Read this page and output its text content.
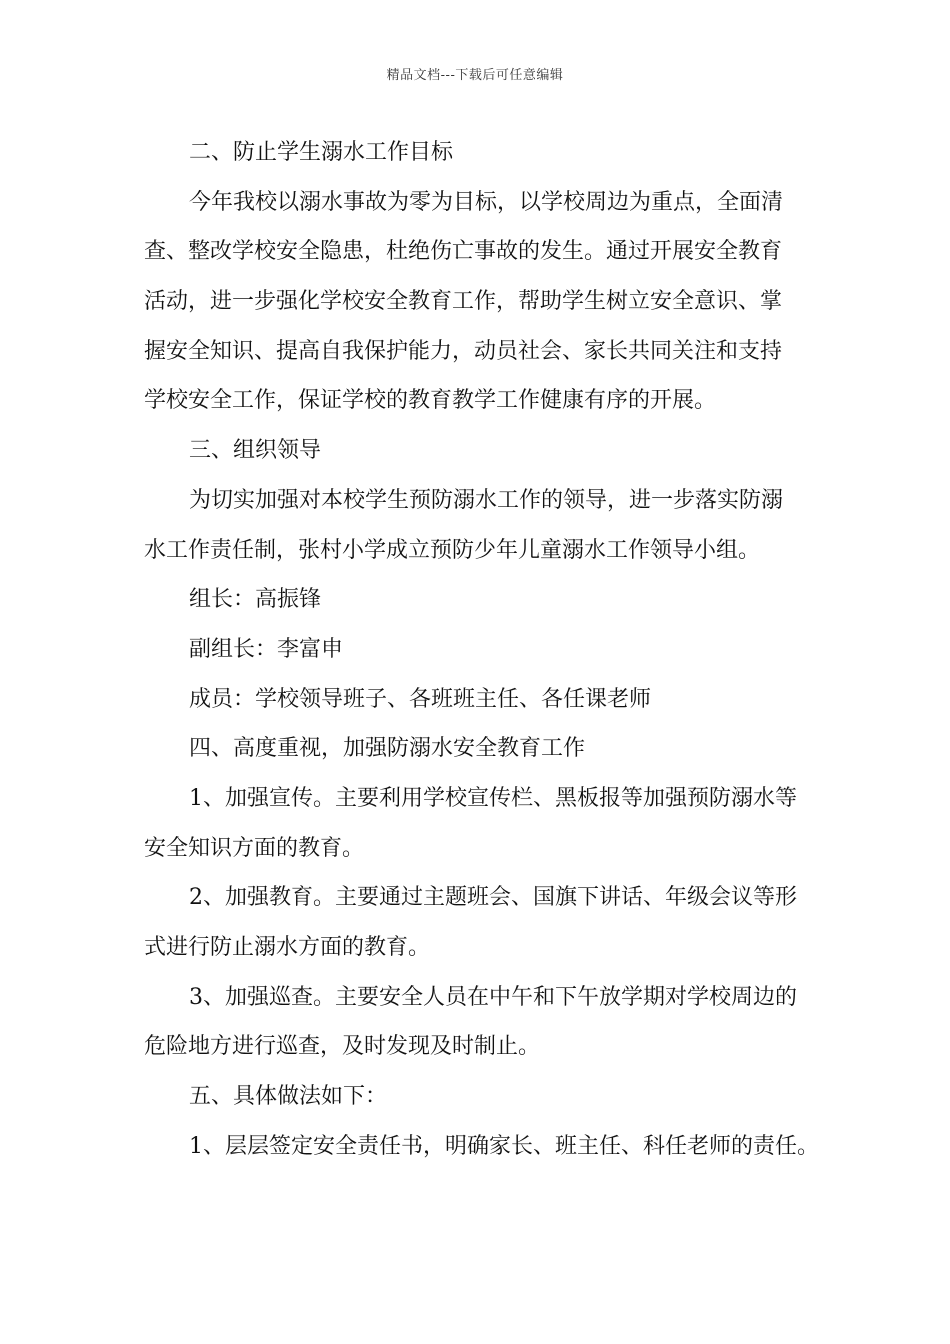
精品文档---下载后可任意编辑
二、防止学生溺水工作目标
今年我校以溺水事故为零为目标，以学校周边为重点，全面清
查、整改学校安全隐患，杜绝伤亡事故的发生。通过开展安全教育
活动，进一步强化学校安全教育工作，帮助学生树立安全意识、掌
握安全知识、提高自我保护能力，动员社会、家长共同关注和支持
学校安全工作，保证学校的教育教学工作健康有序的开展。
三、组织领导
为切实加强对本校学生预防溺水工作的领导，进一步落实防溺
水工作责任制，张村小学成立预防少年儿童溺水工作领导小组。
组长：高振锋
副组长：李富申
成员：学校领导班子、各班班主任、各任课老师
四、高度重视，加强防溺水安全教育工作
1、加强宣传。主要利用学校宣传栏、黑板报等加强预防溺水等
安全知识方面的教育。
2、加强教育。主要通过主题班会、国旗下讲话、年级会议等形
式进行防止溺水方面的教育。
3、加强巡查。主要安全人员在中午和下午放学期对学校周边的
危险地方进行巡查，及时发现及时制止。
五、具体做法如下：
1、层层签定安全责任书，明确家长、班主任、科任老师的责任。
